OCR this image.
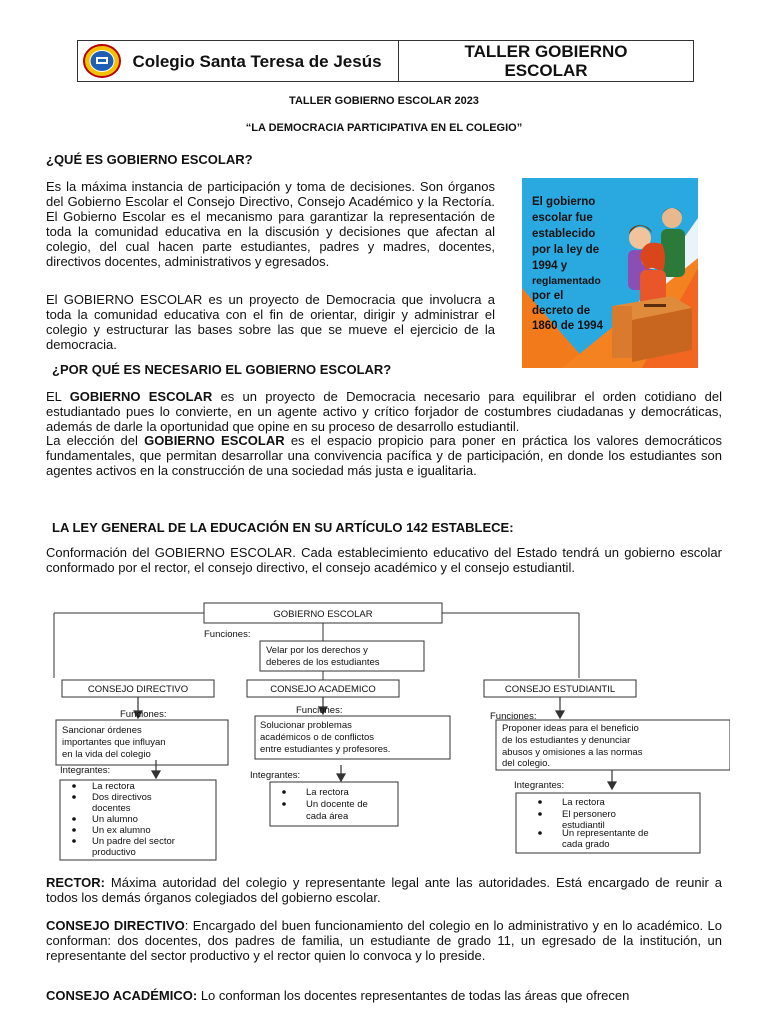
Colegio Santa Teresa de Jesús	TALLER GOBIERNO ESCOLAR
TALLER GOBIERNO ESCOLAR 2023
“LA DEMOCRACIA PARTICIPATIVA EN EL COLEGIO”
¿QUÉ ES GOBIERNO ESCOLAR?
Es la máxima instancia de participación y toma de decisiones. Son órganos del Gobierno Escolar el Consejo Directivo, Consejo Académico y la Rectoría. El Gobierno Escolar es el mecanismo para garantizar la representación de toda la comunidad educativa en la discusión y decisiones que afectan al colegio, del cual hacen parte estudiantes, padres y madres, docentes, directivos docentes, administrativos y egresados.
El GOBIERNO ESCOLAR es un proyecto de Democracia que involucra a toda la comunidad educativa con el fin de orientar, dirigir y administrar el colegio y estructurar las bases sobre las que se mueve el ejercicio de la democracia.
El gobierno escolar fue establecido por la ley de 1994 y reglamentado por el decreto de 1860 de 1994
¿POR QUÉ ES NECESARIO EL GOBIERNO ESCOLAR?
EL GOBIERNO ESCOLAR es un proyecto de Democracia necesario para equilibrar el orden cotidiano del estudiantado pues lo convierte, en un agente activo y crítico forjador de costumbres ciudadanas y democráticas, además de darle la oportunidad que opine en su proceso de desarrollo estudiantil.
La elección del GOBIERNO ESCOLAR es el espacio propicio para poner en práctica los valores democráticos fundamentales, que permitan desarrollar una convivencia pacífica y de participación, en donde los estudiantes son agentes activos en la construcción de una sociedad más justa e igualitaria.
LA LEY GENERAL DE LA EDUCACIÓN EN SU ARTÍCULO 142 ESTABLECE:
Conformación del GOBIERNO ESCOLAR. Cada establecimiento educativo del Estado tendrá un gobierno escolar conformado por el rector, el consejo directivo, el consejo académico y el consejo estudiantil.
GOBIERNO ESCOLAR
Funciones:
Velar por los derechos y
deberes de los estudiantes
CONSEJO DIRECTIVO	CONSEJO ACADEMICO	CONSEJO ESTUDIANTIL
Funciones:	Funciones:
Funciones:
Sancionar órdenes
importantes que influyan
en la vida del colegio
Solucionar problemas
académicos o de conflictos
entre estudiantes y profesores.
Proponer ideas para el beneficio
de los estudiantes y denunciar
abusos y omisiones a las normas
del colegio.
Integrantes:	Integrantes:
Integrantes:
La rectora
Dos directivos
docentes
Un alumno
Un ex alumno
Un padre del sector
productivo
La rectora
Un docente de
cada área
La rectora
El personero
estudiantil
Un representante de
cada grado
RECTOR: Máxima autoridad del colegio y representante legal ante las autoridades. Está encargado de reunir a todos los demás órganos colegiados del gobierno escolar.
CONSEJO DIRECTIVO: Encargado del buen funcionamiento del colegio en lo administrativo y en lo académico. Lo conforman: dos docentes, dos padres de familia, un estudiante de grado 11, un egresado de la institución, un representante del sector productivo y el rector quien lo convoca y lo preside.
CONSEJO ACADÉMICO: Lo conforman los docentes representantes de todas las áreas que ofrecen
